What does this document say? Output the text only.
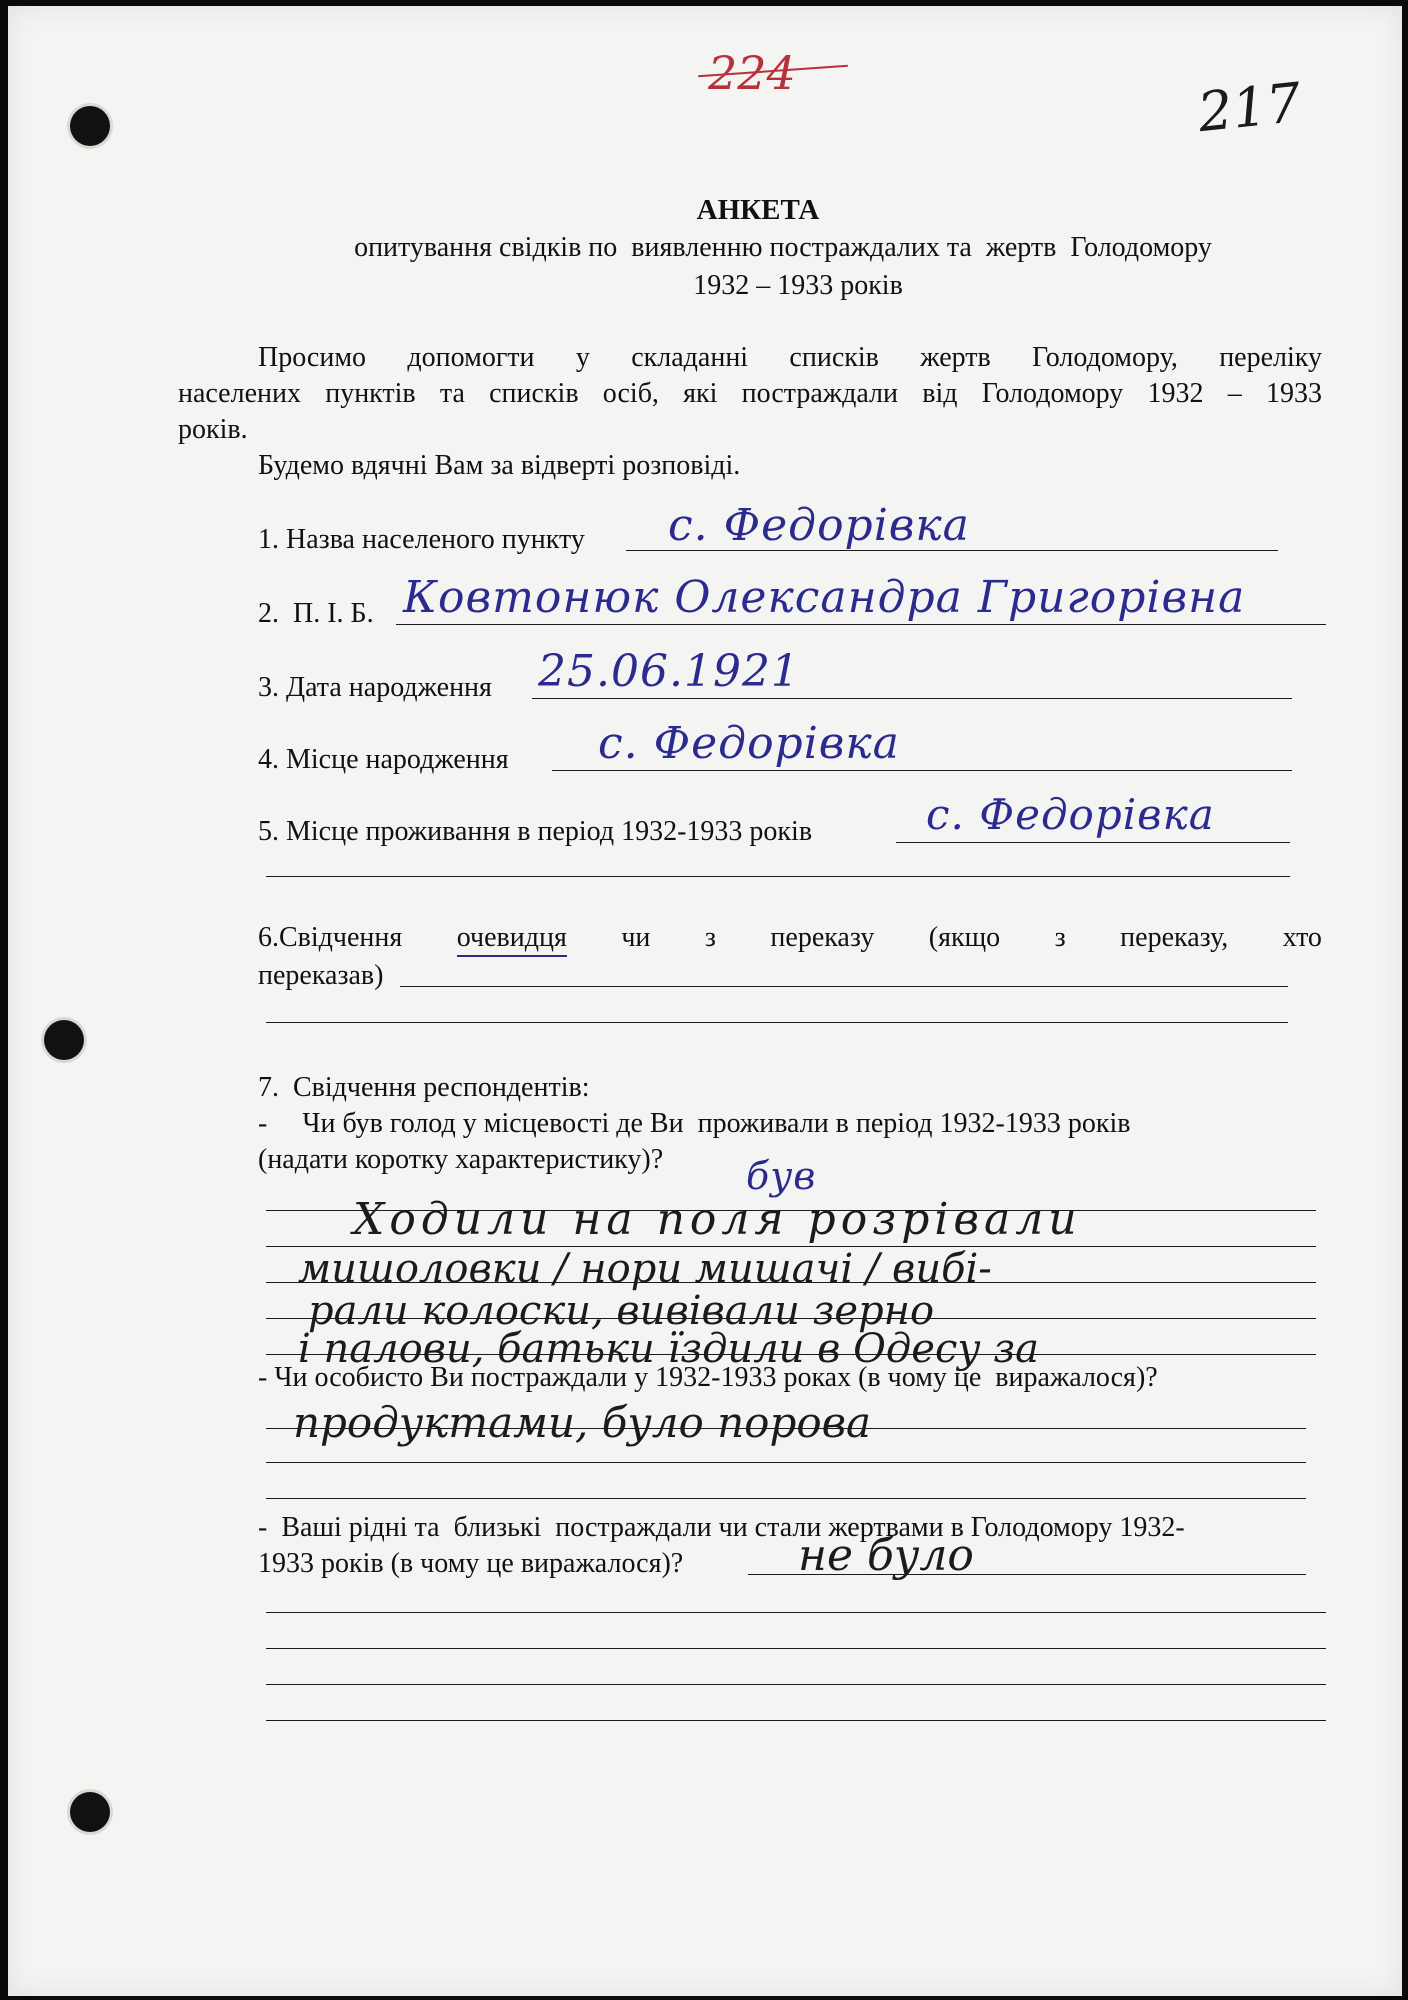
224	217
АНКЕТА
опитування свідків по  виявленню постраждалих та  жертв  Голодомору
1932 – 1933 років
Просимо допомогти у складанні списків жертв Голодомору, переліку
населених пунктів та списків осіб, які постраждали від Голодомору 1932 – 1933
років.
Будемо вдячні Вам за відверті розповіді.
1. Назва населеного пункту с. Федорівка
2.  П. І. Б. Ковтонюк Олександра Григорівна
3. Дата народження 25.06.1921
4. Місце народження с. Федорівка
5. Місце проживання в період 1932-1933 років	с. Федорівка
6.Свідчення очевидця чи з переказу (якщо з переказу, хто
переказав)
7.  Свідчення респондентів:
-     Чи був голод у місцевості де Ви  проживали в період 1932-1933 років
(надати коротку характеристику)? був
Ходили на поля розрівали
мишоловки / нори мишачі / вибі-
рали колоски, вивівали зерно
і палови, батьки їздили в Одесу за
- Чи особисто Ви постраждали у 1932-1933 роках (в чому це  виражалося)?
продуктами, було порова
-  Ваші рідні та  близькі  постраждали чи стали жертвами в Голодомору 1932-
1933 років (в чому це виражалося)?	не було
